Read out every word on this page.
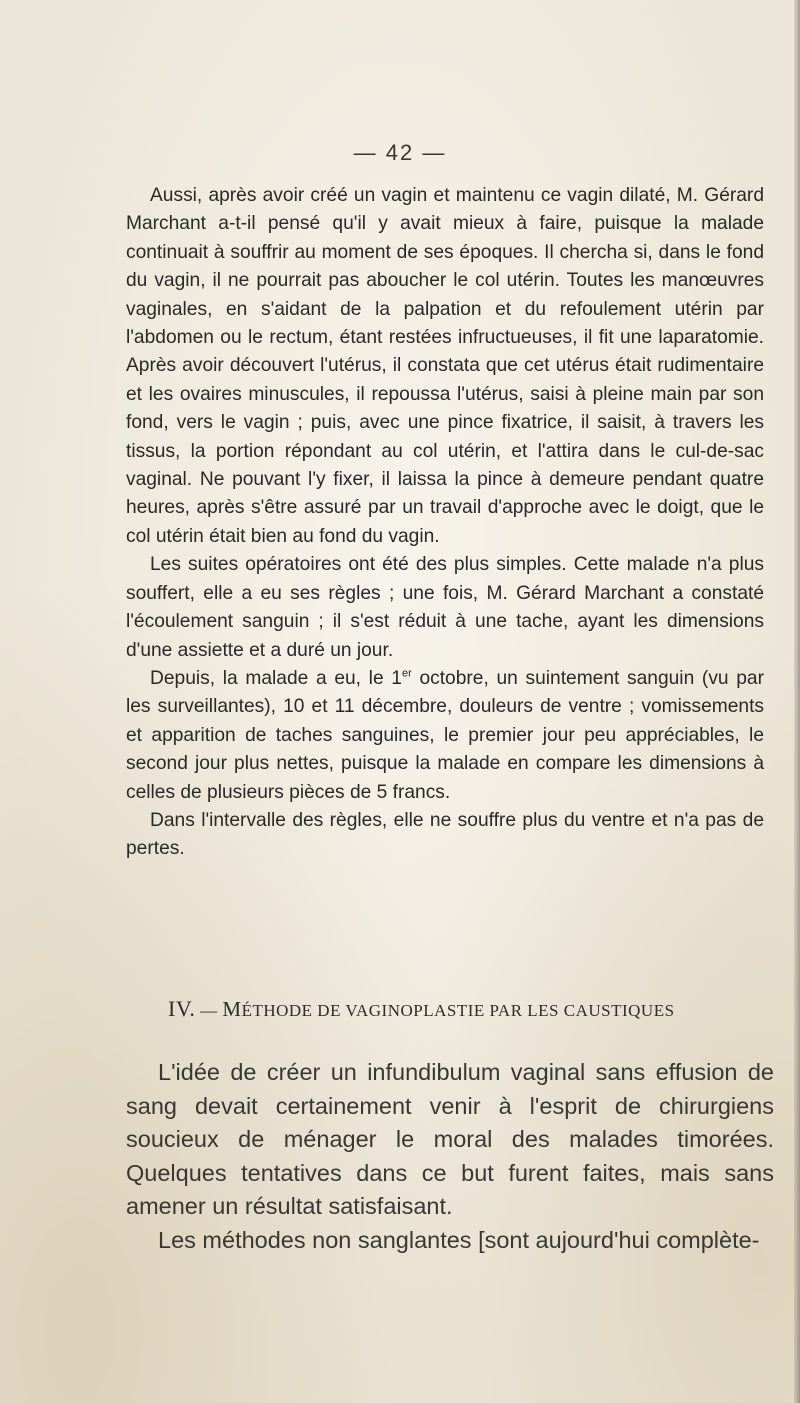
— 42 —

Aussi, après avoir créé un vagin et maintenu ce vagin dilaté, M. Gérard Marchant a-t-il pensé qu'il y avait mieux à faire, puisque la malade continuait à souffrir au moment de ses époques. Il chercha si, dans le fond du vagin, il ne pourrait pas aboucher le col utérin. Toutes les manœuvres vaginales, en s'aidant de la palpation et du refoulement utérin par l'abdomen ou le rectum, étant restées infructueuses, il fit une laparatomie. Après avoir découvert l'utérus, il constata que cet utérus était rudimentaire et les ovaires minuscules, il repoussa l'utérus, saisi à pleine main par son fond, vers le vagin ; puis, avec une pince fixatrice, il saisit, à travers les tissus, la portion répondant au col utérin, et l'attira dans le cul-de-sac vaginal. Ne pouvant l'y fixer, il laissa la pince à demeure pendant quatre heures, après s'être assuré par un travail d'approche avec le doigt, que le col utérin était bien au fond du vagin.

Les suites opératoires ont été des plus simples. Cette malade n'a plus souffert, elle a eu ses règles ; une fois, M. Gérard Marchant a constaté l'écoulement sanguin ; il s'est réduit à une tache, ayant les dimensions d'une assiette et a duré un jour.

Depuis, la malade a eu, le 1er octobre, un suintement sanguin (vu par les surveillantes), 10 et 11 décembre, douleurs de ventre ; vomissements et apparition de taches sanguines, le premier jour peu appréciables, le second jour plus nettes, puisque la malade en compare les dimensions à celles de plusieurs pièces de 5 francs.

Dans l'intervalle des règles, elle ne souffre plus du ventre et n'a pas de pertes.

IV. — MÉTHODE DE VAGINOPLASTIE PAR LES CAUSTIQUES

L'idée de créer un infundibulum vaginal sans effusion de sang devait certainement venir à l'esprit de chirurgiens soucieux de ménager le moral des malades timorées. Quelques tentatives dans ce but furent faites, mais sans amener un résultat satisfaisant.

Les méthodes non sanglantes [sont aujourd'hui complète-
